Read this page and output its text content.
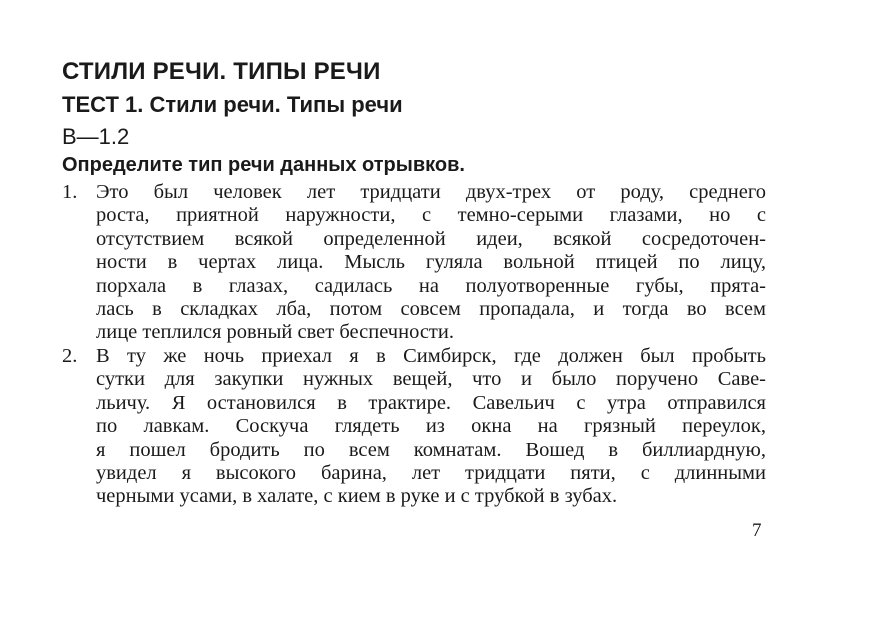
СТИЛИ РЕЧИ. ТИПЫ РЕЧИ
ТЕСТ 1. Стили речи. Типы речи
В—1.2
Определите тип речи данных отрывков.
1. Это был человек лет тридцати двух-трех от роду, среднего
роста, приятной наружности, с темно-серыми глазами, но с
отсутствием всякой определенной идеи, всякой сосредоточен-
ности в чертах лица. Мысль гуляла вольной птицей по лицу,
порхала в глазах, садилась на полуотворенные губы, прята-
лась в складках лба, потом совсем пропадала, и тогда во всем
лице теплился ровный свет беспечности.
2. В ту же ночь приехал я в Симбирск, где должен был пробыть
сутки для закупки нужных вещей, что и было поручено Саве-
льичу. Я остановился в трактире. Савельич с утра отправился
по лавкам. Соскуча глядеть из окна на грязный переулок,
я пошел бродить по всем комнатам. Вошед в биллиардную,
увидел я высокого барина, лет тридцати пяти, с длинными
черными усами, в халате, с кием в руке и с трубкой в зубах.
7
